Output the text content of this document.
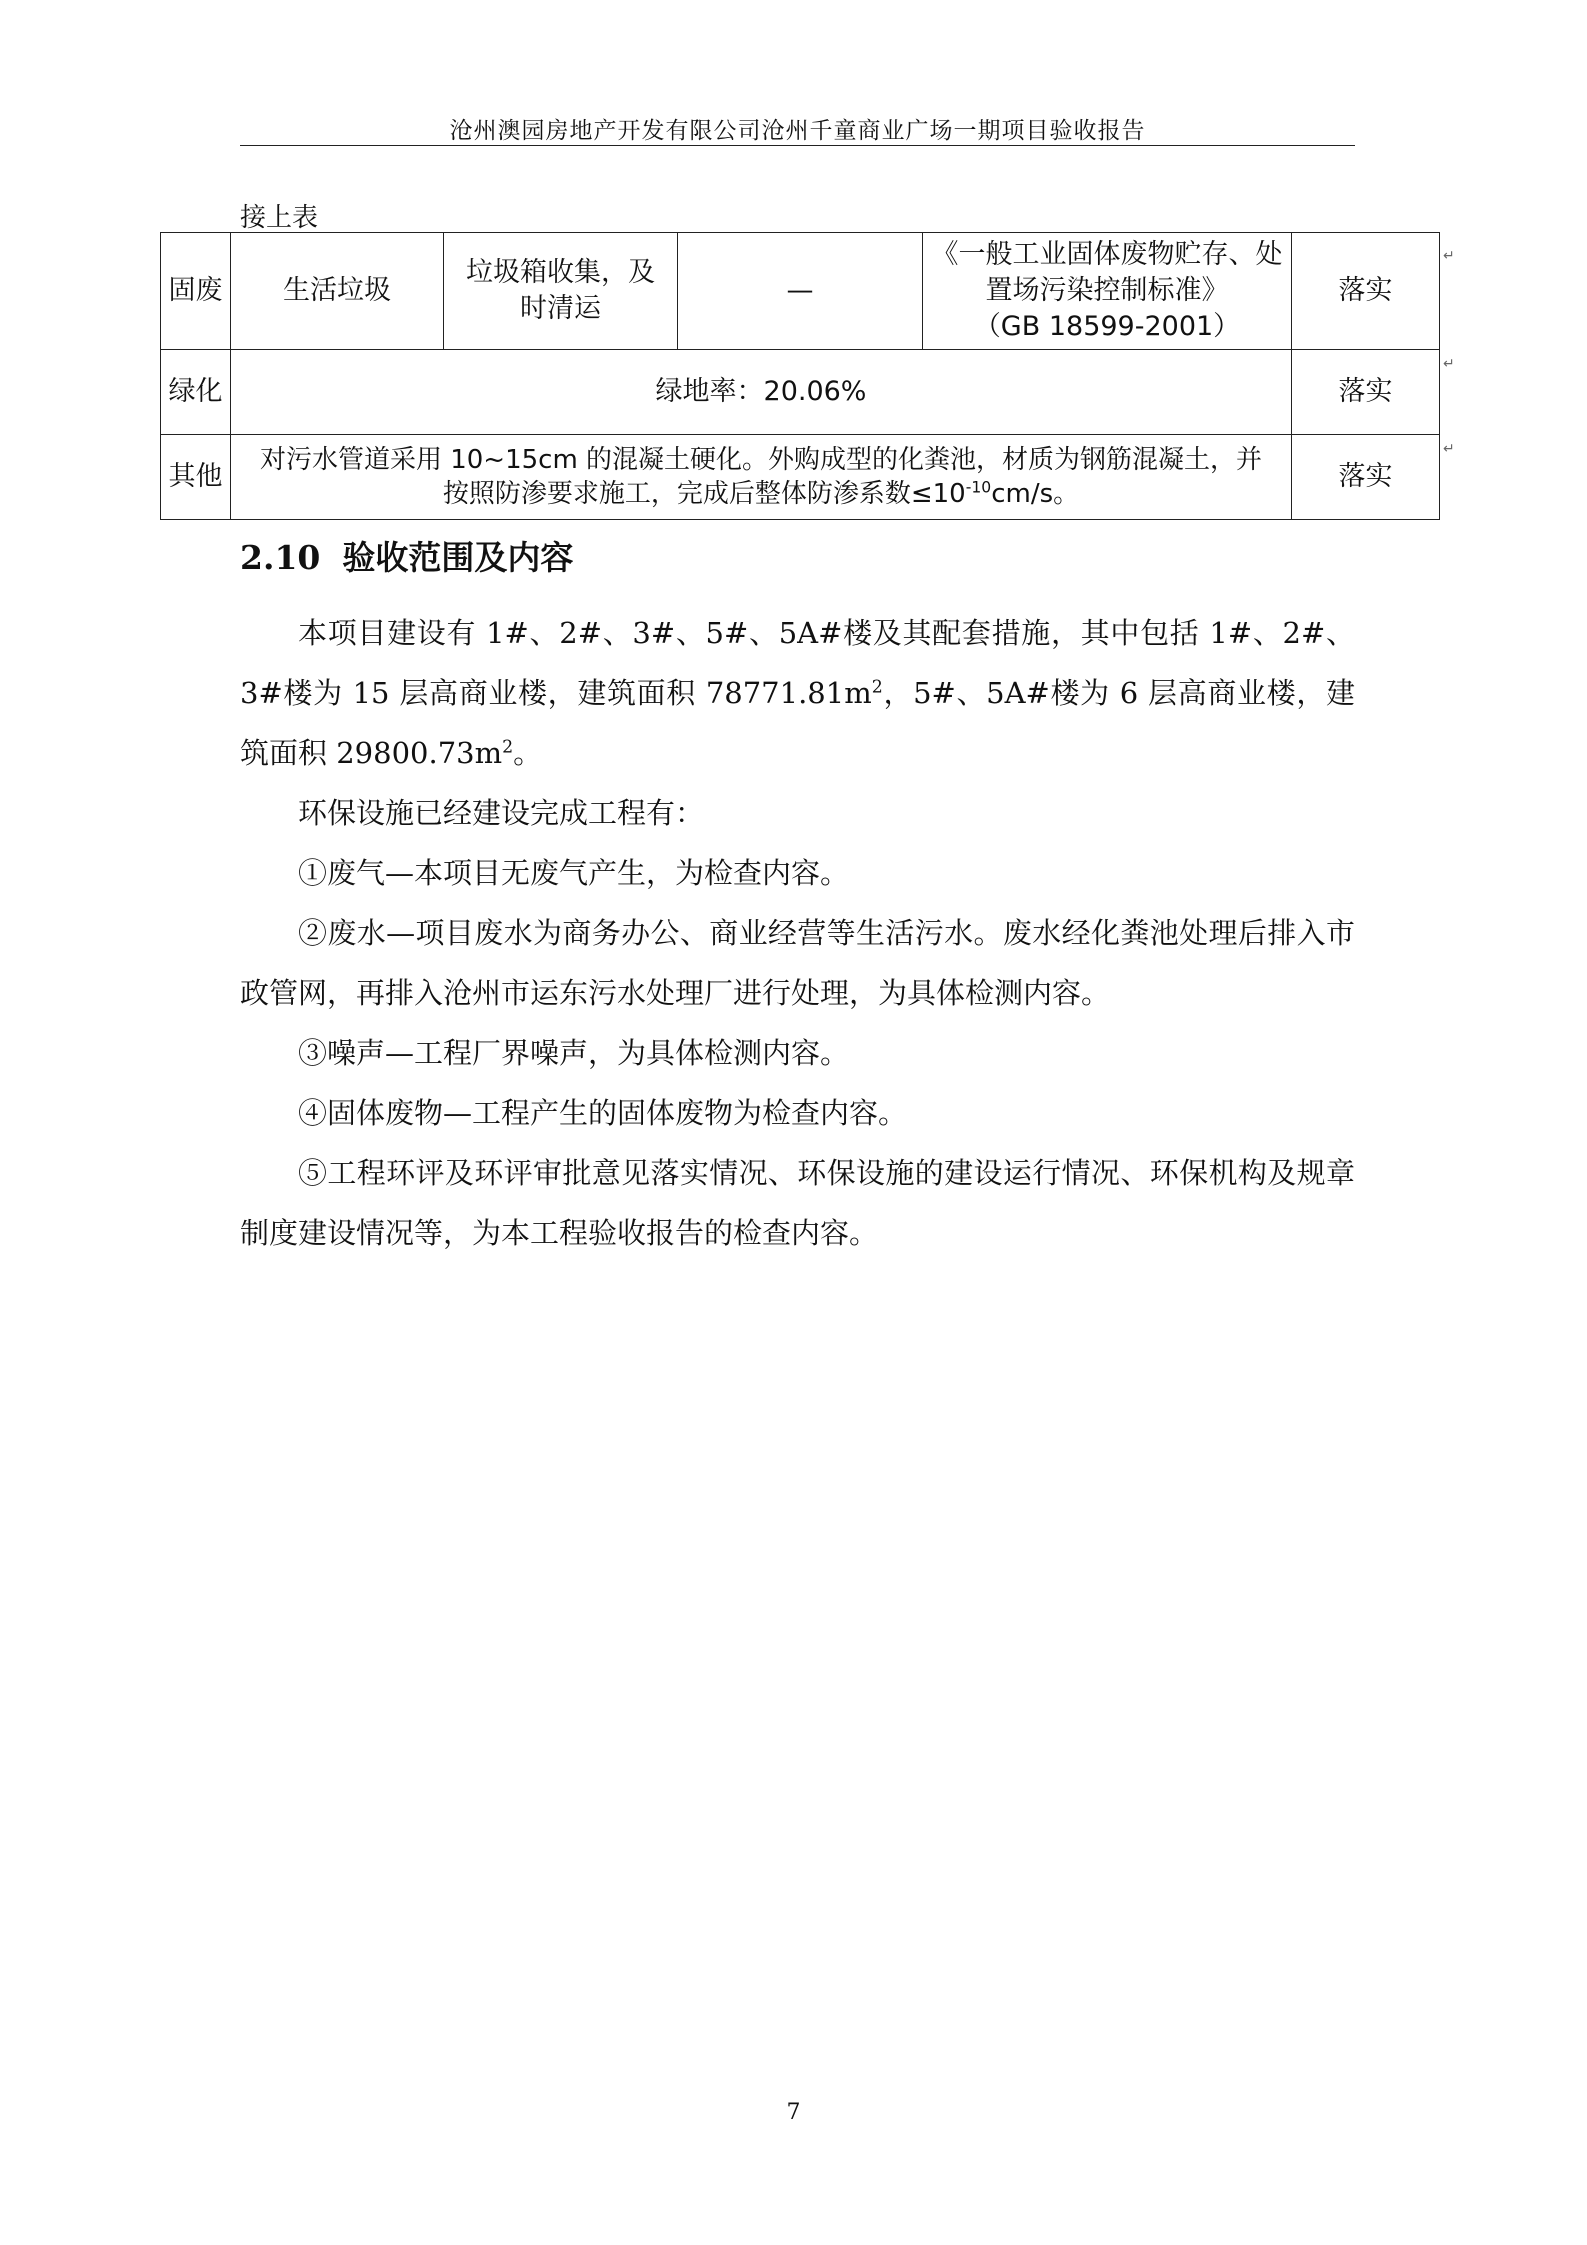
沧州澳园房地产开发有限公司沧州千童商业广场一期项目验收报告
接上表
固废	生活垃圾	垃圾箱收集，及时清运	—	《一般工业固体废物贮存、处
置场污染控制标准》
（GB 18599-2001）	落实
绿化	绿地率：20.06%				落实
其他	对污水管道采用 10~15cm 的混凝土硬化。外购成型的化粪池，材质为钢筋混凝土，并
按照防渗要求施工，完成后整体防渗系数$\le 10^{-10}cm/s$。				落实
↵
↵
↵
2.10 验收范围及内容

本项目建设有 1#、2#、3#、5#、5A#楼及其配套措施，其中包括 1#、2#、3#楼为 15 层高商业楼，建筑面积 $78771.81m^2$，5#、5A#楼为 6 层高商业楼，建筑面积 $29800.73m^2$。

环保设施已经建设完成工程有：

①废气—本项目无废气产生，为检查内容。

②废水—项目废水为商务办公、商业经营等生活污水。废水经化粪池处理后排入市政管网，再排入沧州市运东污水处理厂进行处理，为具体检测内容。

③噪声—工程厂界噪声，为具体检测内容。

④固体废物—工程产生的固体废物为检查内容。

⑤工程环评及环评审批意见落实情况、环保设施的建设运行情况、环保机构及规章制度建设情况等，为本工程验收报告的检查内容。

7
